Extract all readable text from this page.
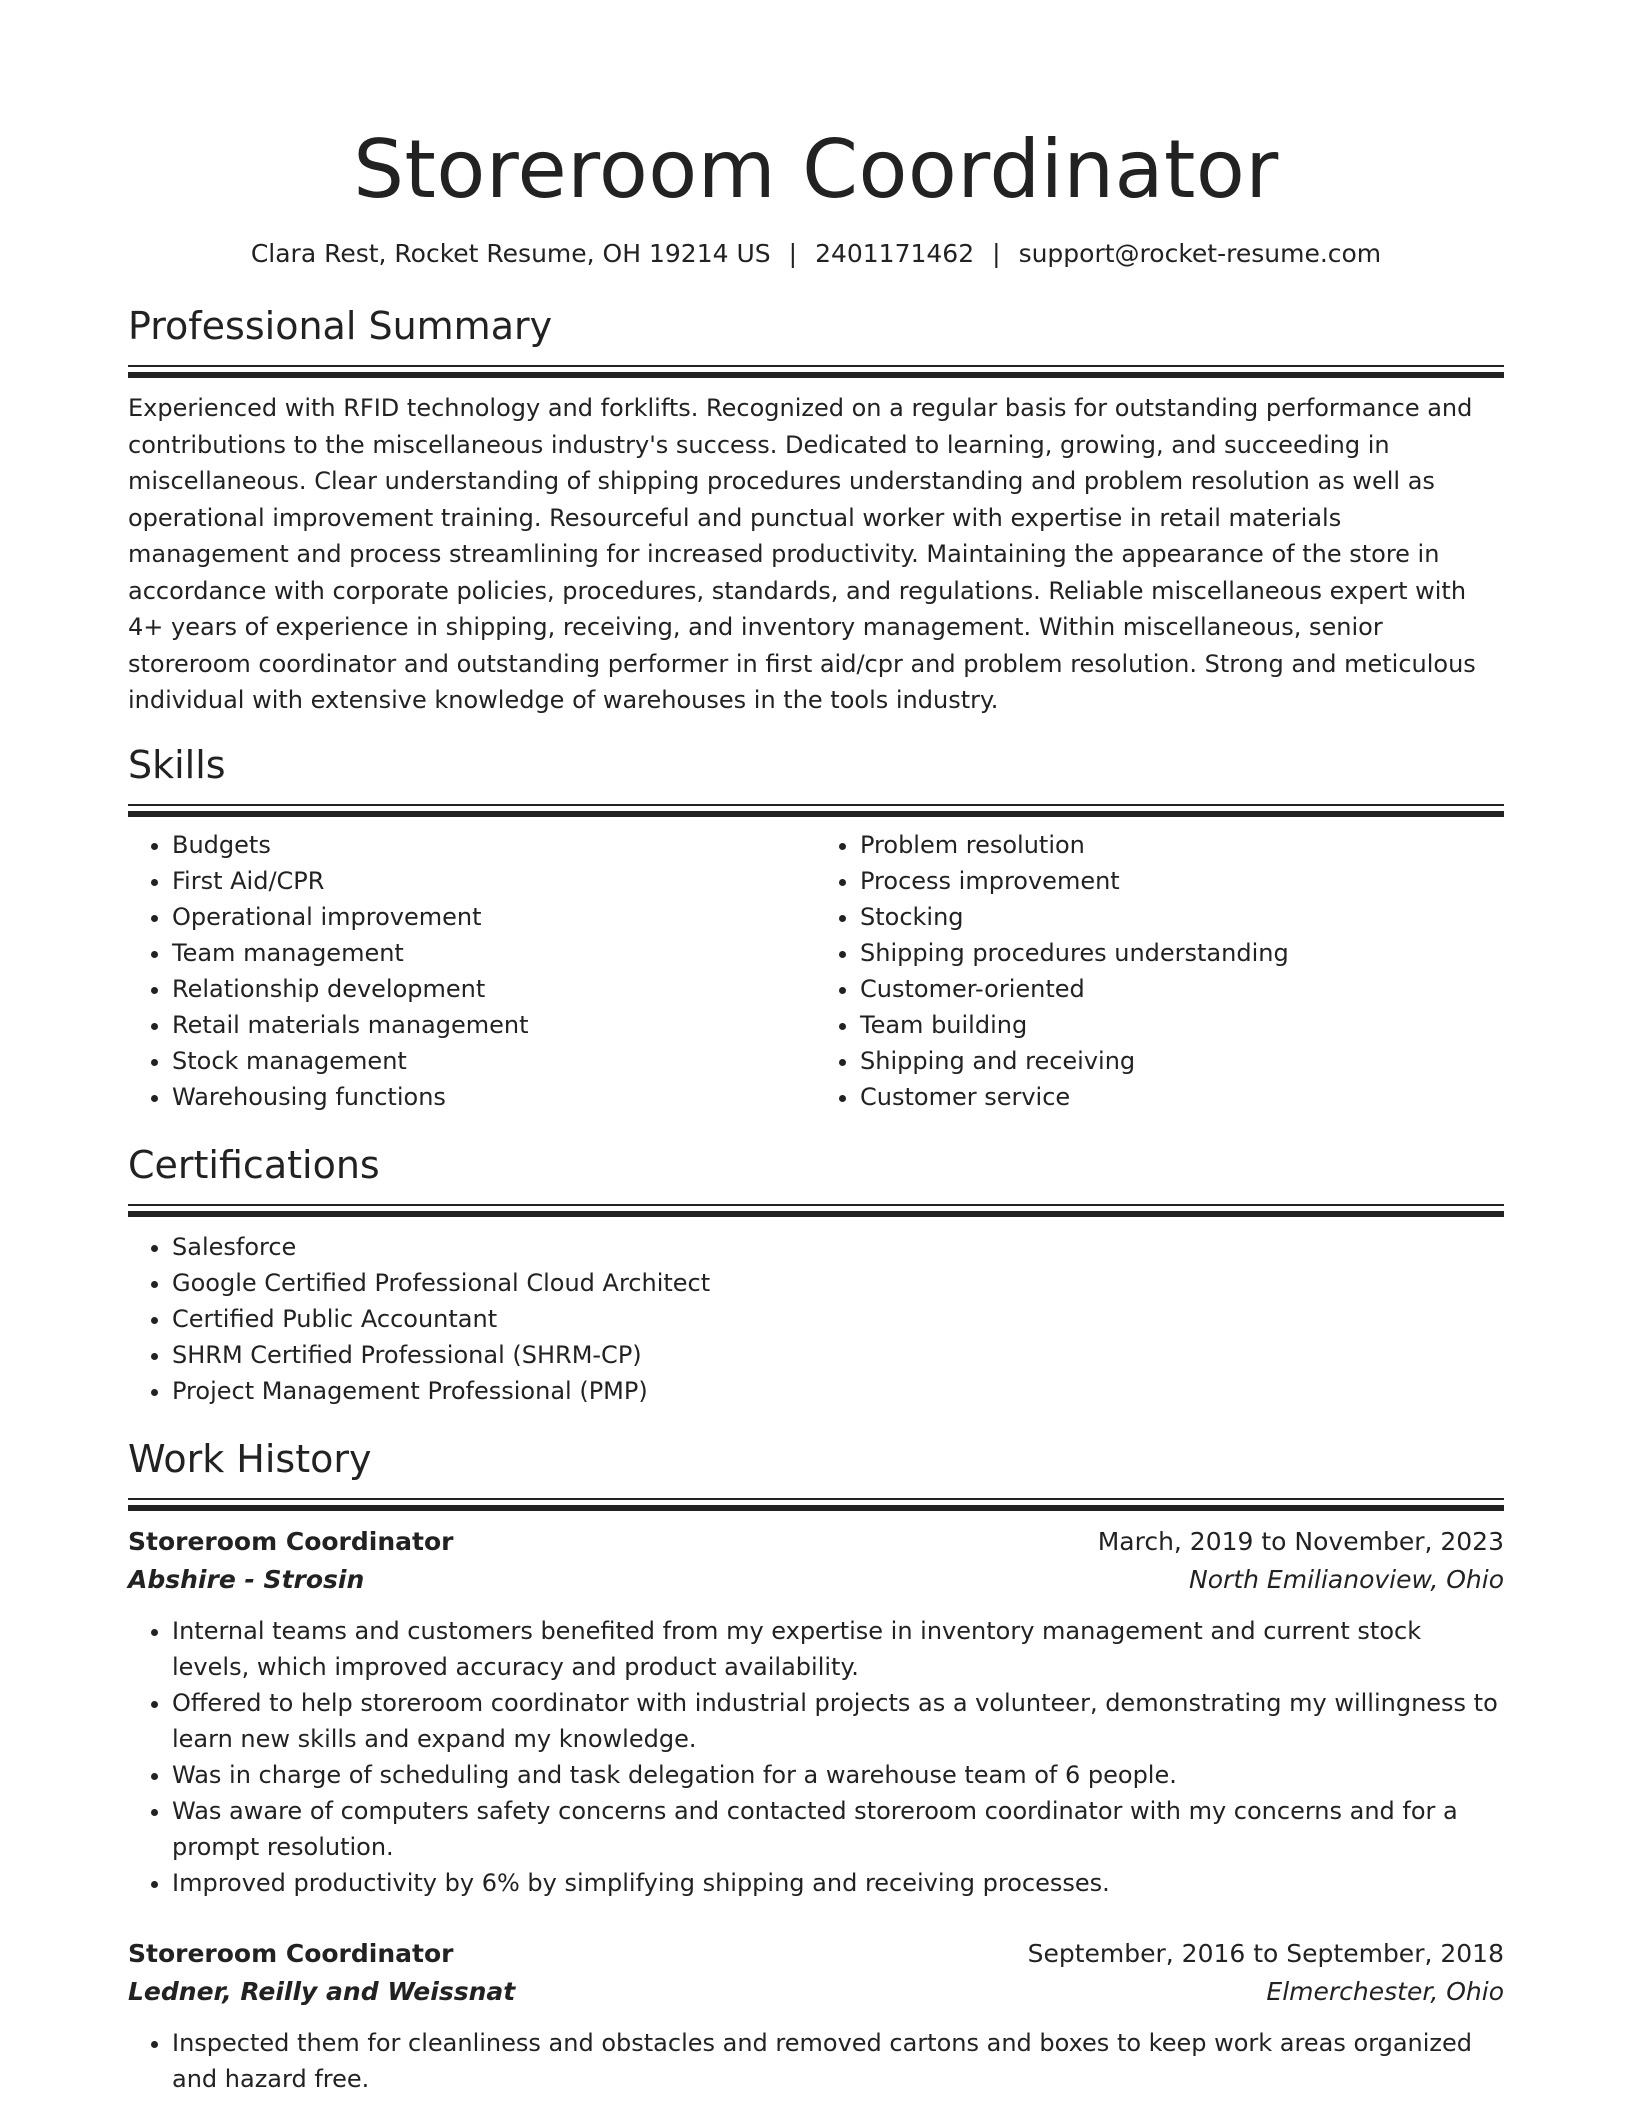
Storeroom Coordinator
Clara Rest, Rocket Resume, OH 19214 US | 2401171462 | support@rocket-resume.com
Professional Summary

Experienced with RFID technology and forklifts. Recognized on a regular basis for outstanding performance and contributions to the miscellaneous industry's success. Dedicated to learning, growing, and succeeding in miscellaneous. Clear understanding of shipping procedures understanding and problem resolution as well as operational improvement training. Resourceful and punctual worker with expertise in retail materials management and process streamlining for increased productivity. Maintaining the appearance of the store in accordance with corporate policies, procedures, standards, and regulations. Reliable miscellaneous expert with 4+ years of experience in shipping, receiving, and inventory management. Within miscellaneous, senior storeroom coordinator and outstanding performer in first aid/cpr and problem resolution. Strong and meticulous individual with extensive knowledge of warehouses in the tools industry.

Skills
• Budgets
• First Aid/CPR
• Operational improvement
• Team management
• Relationship development
• Retail materials management
• Stock management
• Warehousing functions
• Problem resolution
• Process improvement
• Stocking
• Shipping procedures understanding
• Customer-oriented
• Team building
• Shipping and receiving
• Customer service
Certifications
• Salesforce
• Google Certified Professional Cloud Architect
• Certified Public Accountant
• SHRM Certified Professional (SHRM-CP)
• Project Management Professional (PMP)
Work History
Storeroom Coordinator	March, 2019 to November, 2023
Abshire - Strosin	North Emilianoview, Ohio
• Internal teams and customers benefited from my expertise in inventory management and current stock levels, which improved accuracy and product availability.
• Offered to help storeroom coordinator with industrial projects as a volunteer, demonstrating my willingness to learn new skills and expand my knowledge.
• Was in charge of scheduling and task delegation for a warehouse team of 6 people.
• Was aware of computers safety concerns and contacted storeroom coordinator with my concerns and for a prompt resolution.
• Improved productivity by 6% by simplifying shipping and receiving processes.
Storeroom Coordinator	September, 2016 to September, 2018
Ledner, Reilly and Weissnat	Elmerchester, Ohio
• Inspected them for cleanliness and obstacles and removed cartons and boxes to keep work areas organized and hazard free.
